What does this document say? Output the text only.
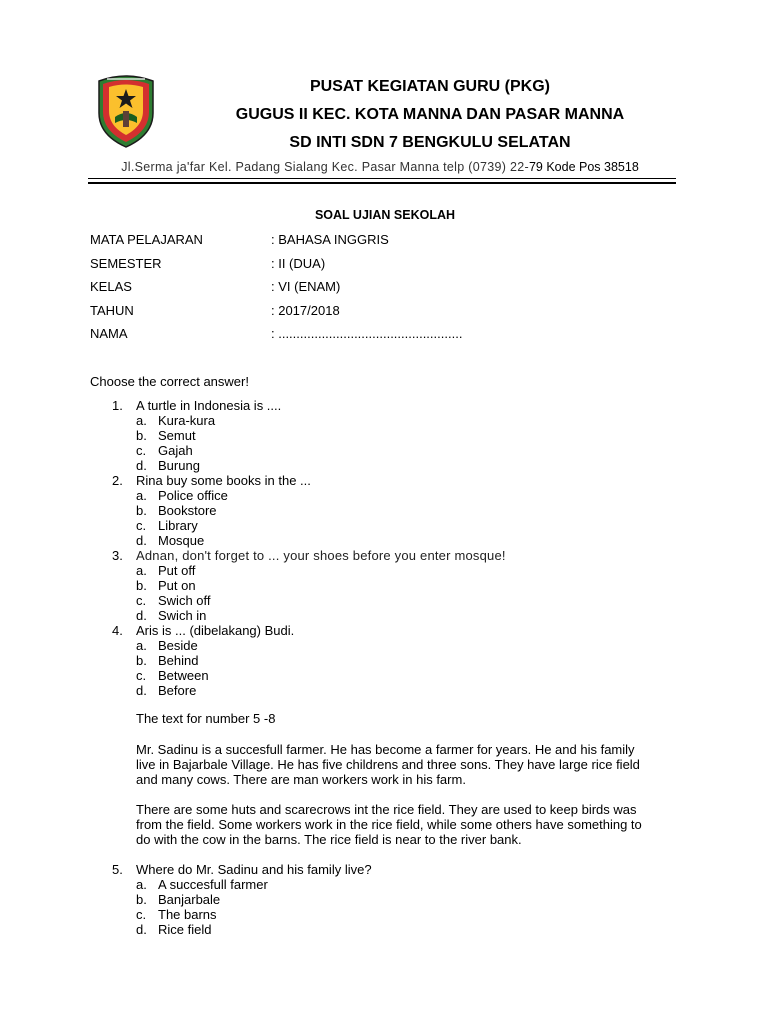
PUSAT KEGIATAN GURU (PKG)
GUGUS II KEC. KOTA MANNA DAN PASAR MANNA
SD INTI SDN 7 BENGKULU SELATAN
Jl.Serma ja'far Kel. Padang Sialang Kec. Pasar Manna telp (0739) 22-79 Kode Pos 38518
SOAL UJIAN SEKOLAH
MATA PELAJARAN	: BAHASA INGGRIS
SEMESTER	: II (DUA)
KELAS	: VI (ENAM)
TAHUN	: 2017/2018
NAMA	: ...................................................
Choose the correct answer!
1. A turtle in Indonesia is ....
a. Kura-kura
b. Semut
c. Gajah
d. Burung
2. Rina buy some books in the ...
a. Police office
b. Bookstore
c. Library
d. Mosque
3. Adnan, don't forget to ... your shoes before you enter mosque!
a. Put off
b. Put on
c. Swich off
d. Swich in
4. Aris is ... (dibelakang) Budi.
a. Beside
b. Behind
c. Between
d. Before
The text for number 5 -8
Mr. Sadinu is a succesfull farmer. He has become a farmer for years. He and his family
live in Bajarbale Village. He has five childrens and three sons. They have large rice field
and many cows. There are man workers work in his farm.
There are some huts and scarecrows int the rice field. They are used to keep birds was
from the field. Some workers work in the rice field, while some others have something to
do with the cow in the barns. The rice field is near to the river bank.
5. Where do Mr. Sadinu and his family live?
a. A succesfull farmer
b. Banjarbale
c. The barns
d. Rice field
